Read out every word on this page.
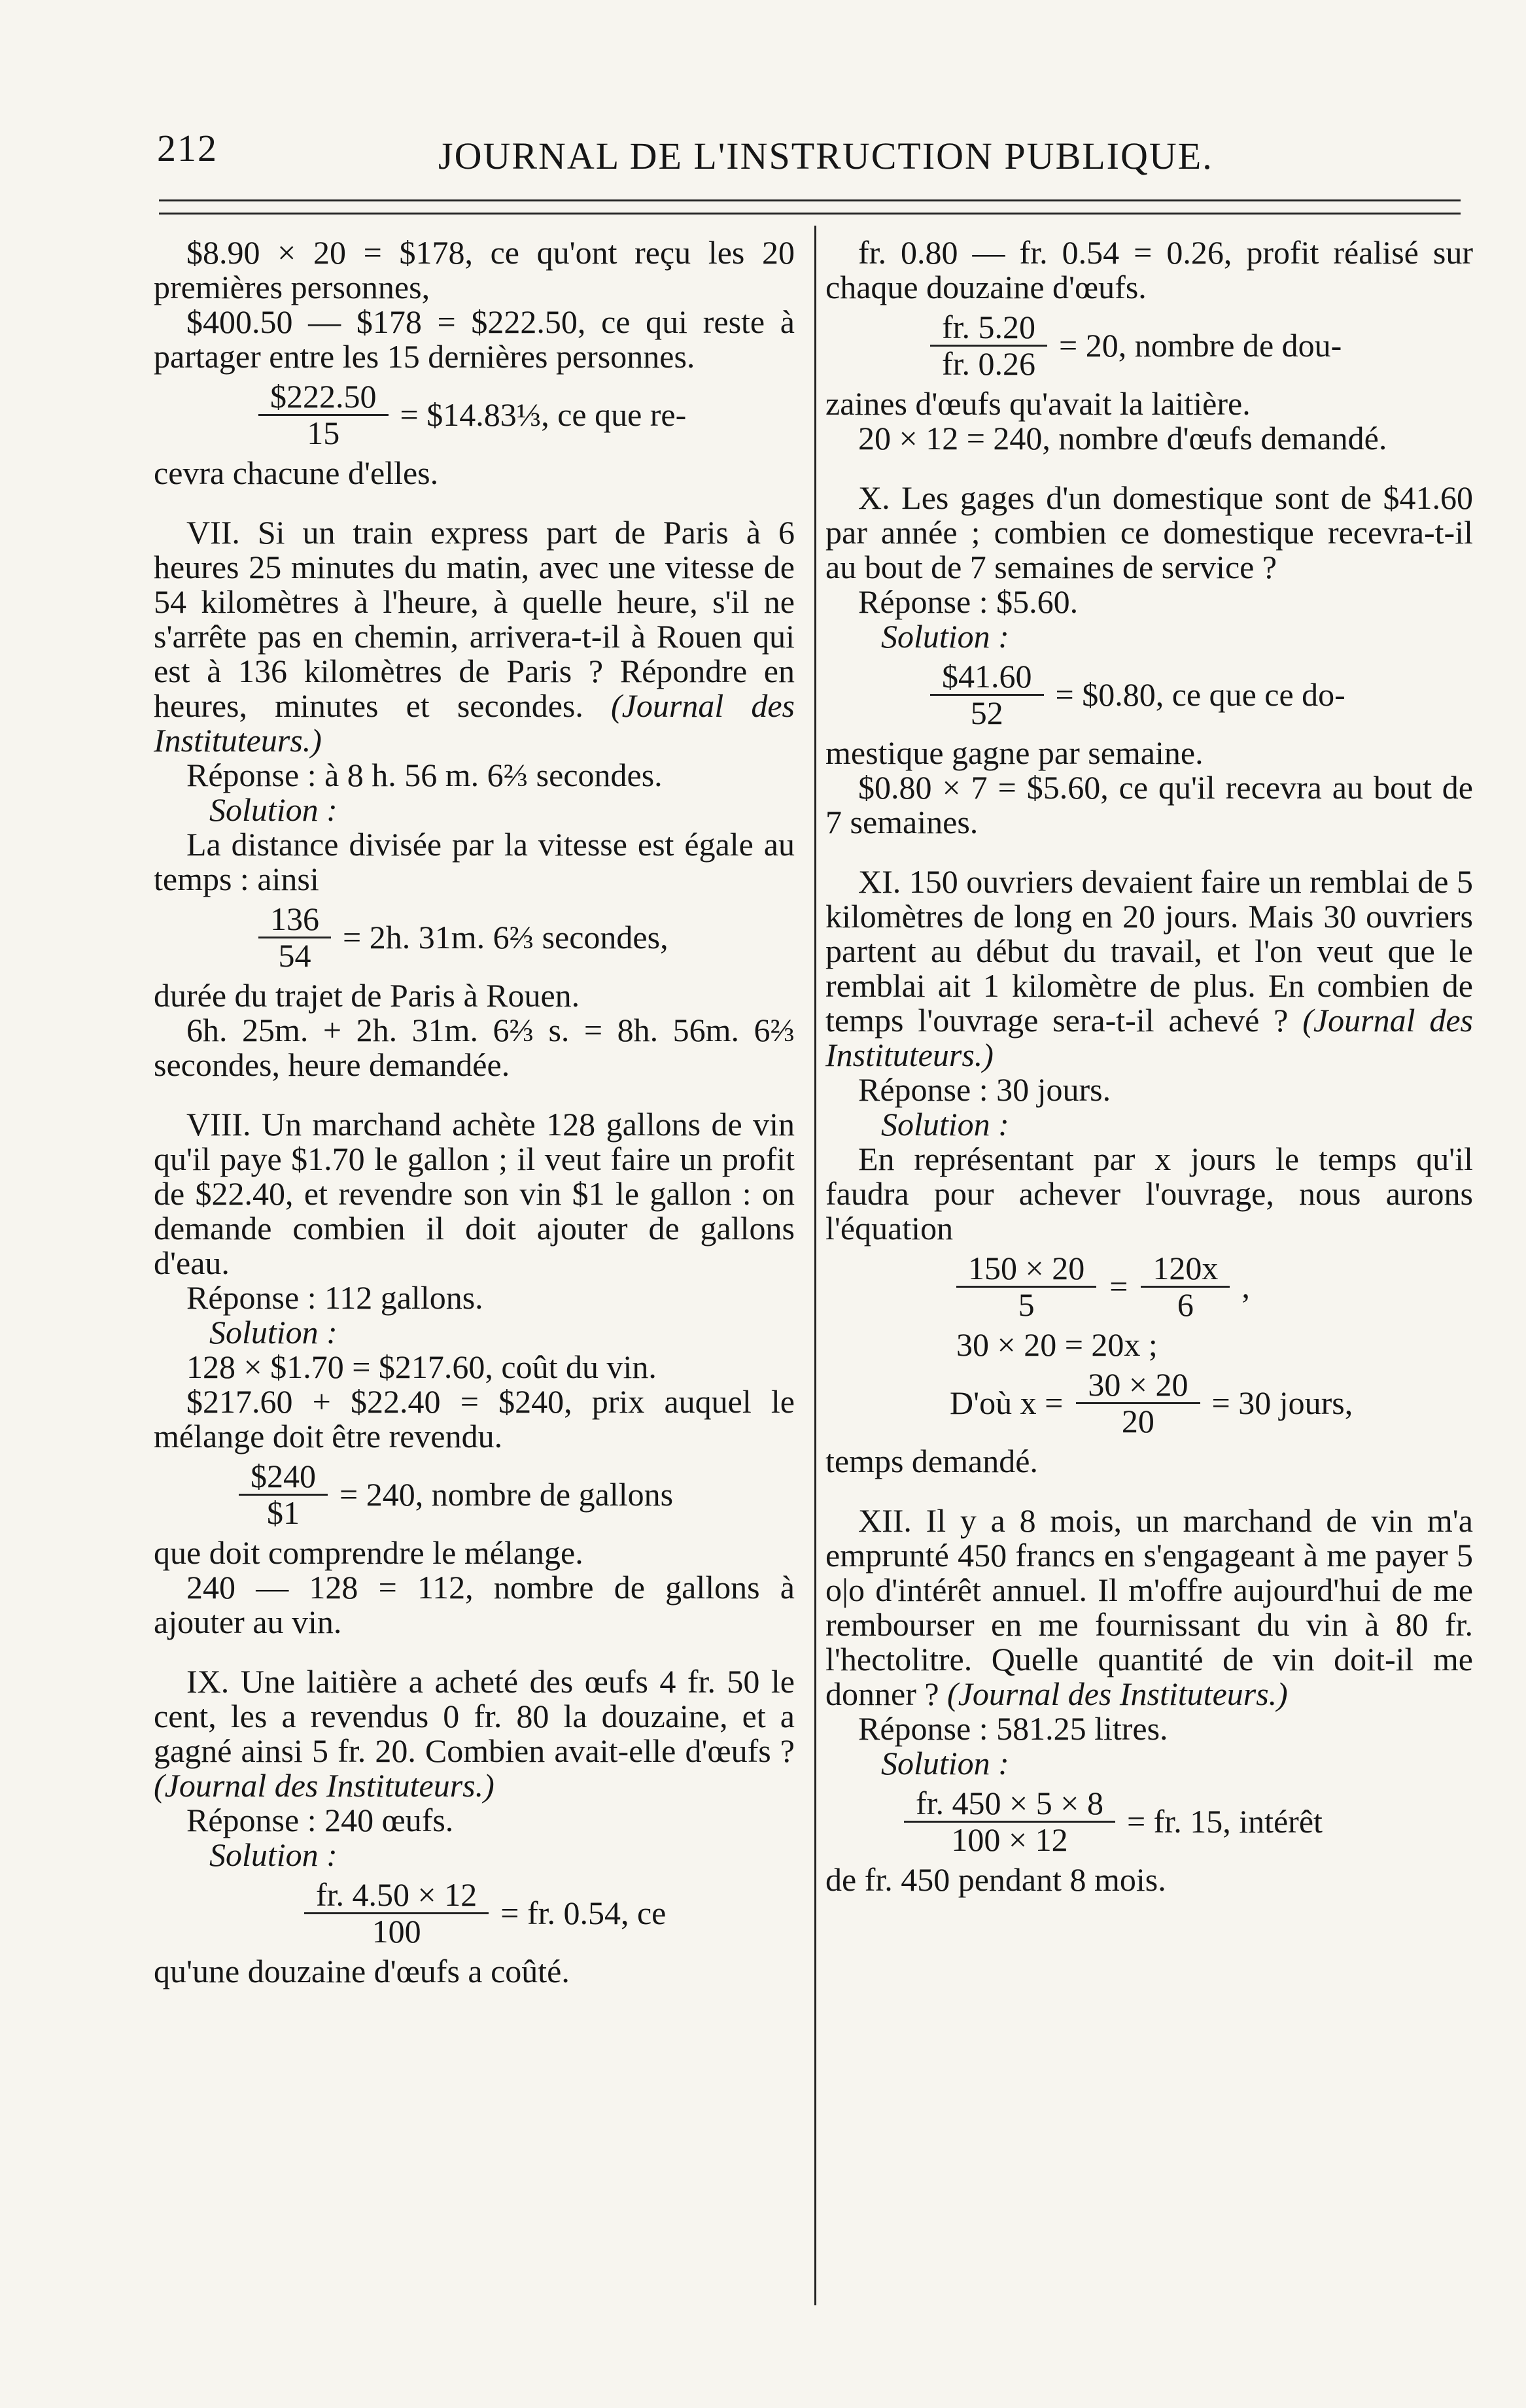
212	JOURNAL DE L'INSTRUCTION PUBLIQUE.

$8.90 × 20 = $178, ce qu'ont reçu les 20 premières personnes,

$400.50 — $178 = $222.50, ce qui reste à partager entre les 15 dernières personnes.

$\frac{\$222.50}{15}$ = $14.83⅓, ce que re-

cevra chacune d'elles.

VII. Si un train express part de Paris à 6 heures 25 minutes du matin, avec une vitesse de 54 kilomètres à l'heure, à quelle heure, s'il ne s'arrête pas en chemin, arrivera-t-il à Rouen qui est à 136 kilomètres de Paris ? Répondre en heures, minutes et secondes. (Journal des Instituteurs.)

Réponse : à 8 h. 56 m. 6⅔ secondes.

Solution :

La distance divisée par la vitesse est égale au temps : ainsi

$\frac{136}{54} = 2h$. 31m. 6⅔ secondes,

durée du trajet de Paris à Rouen.

6h. 25m. + 2h. 31m. 6⅔ s. = 8h. 56m. 6⅔ secondes, heure demandée.

VIII. Un marchand achète 128 gallons de vin qu'il paye $1.70 le gallon ; il veut faire un profit de $22.40, et revendre son vin $1 le gallon : on demande combien il doit ajouter de gallons d'eau.

Réponse : 112 gallons.

Solution :

128 × $1.70 = $217.60, coût du vin.

$217.60 + $22.40 = $240, prix auquel le mélange doit être revendu.

$\frac{\$240}{\$1} = 240$, nombre de gallons

que doit comprendre le mélange.

240 — 128 = 112, nombre de gallons à ajouter au vin.

IX. Une laitière a acheté des œufs 4 fr. 50 le cent, les a revendus 0 fr. 80 la douzaine, et a gagné ainsi 5 fr. 20. Combien avait-elle d'œufs ? (Journal des Instituteurs.)

Réponse : 240 œufs.

Solution :

$\frac{fr. 4.50 \times 12}{100}$ = fr. 0.54, ce

qu'une douzaine d'œufs a coûté.

fr. 0.80 — fr. 0.54 = 0.26, profit réalisé sur chaque douzaine d'œufs.

$\frac{fr. 5.20}{fr. 0.26} = 20$, nombre de dou-

zaines d'œufs qu'avait la laitière.

20 × 12 = 240, nombre d'œufs demandé.

X. Les gages d'un domestique sont de $41.60 par année ; combien ce domestique recevra-t-il au bout de 7 semaines de service ?

Réponse : $5.60.

Solution :

$\frac{\$41.60}{52}$ = $0.80, ce que ce do-

mestique gagne par semaine.

$0.80 × 7 = $5.60, ce qu'il recevra au bout de 7 semaines.

XI. 150 ouvriers devaient faire un remblai de 5 kilomètres de long en 20 jours. Mais 30 ouvriers partent au début du travail, et l'on veut que le remblai ait 1 kilomètre de plus. En combien de temps l'ouvrage sera-t-il achevé ? (Journal des Instituteurs.)

Réponse : 30 jours.

Solution :

En représentant par x jours le temps qu'il faudra pour achever l'ouvrage, nous aurons l'équation

$\frac{150 \times 20}{5} = \frac{120x}{6}$ ,

30 × 20 = 20x ;

D'où $x = \frac{30 \times 20}{20} = 30$ jours,

temps demandé.

XII. Il y a 8 mois, un marchand de vin m'a emprunté 450 francs en s'engageant à me payer 5 o|o d'intérêt annuel. Il m'offre aujourd'hui de me rembourser en me fournissant du vin à 80 fr. l'hectolitre. Quelle quantité de vin doit-il me donner ? (Journal des Instituteurs.)

Réponse : 581.25 litres.

Solution :

$\frac{fr. 450 \times 5 \times 8}{100 \times 12}$ = fr. 15, intérêt

de fr. 450 pendant 8 mois.
